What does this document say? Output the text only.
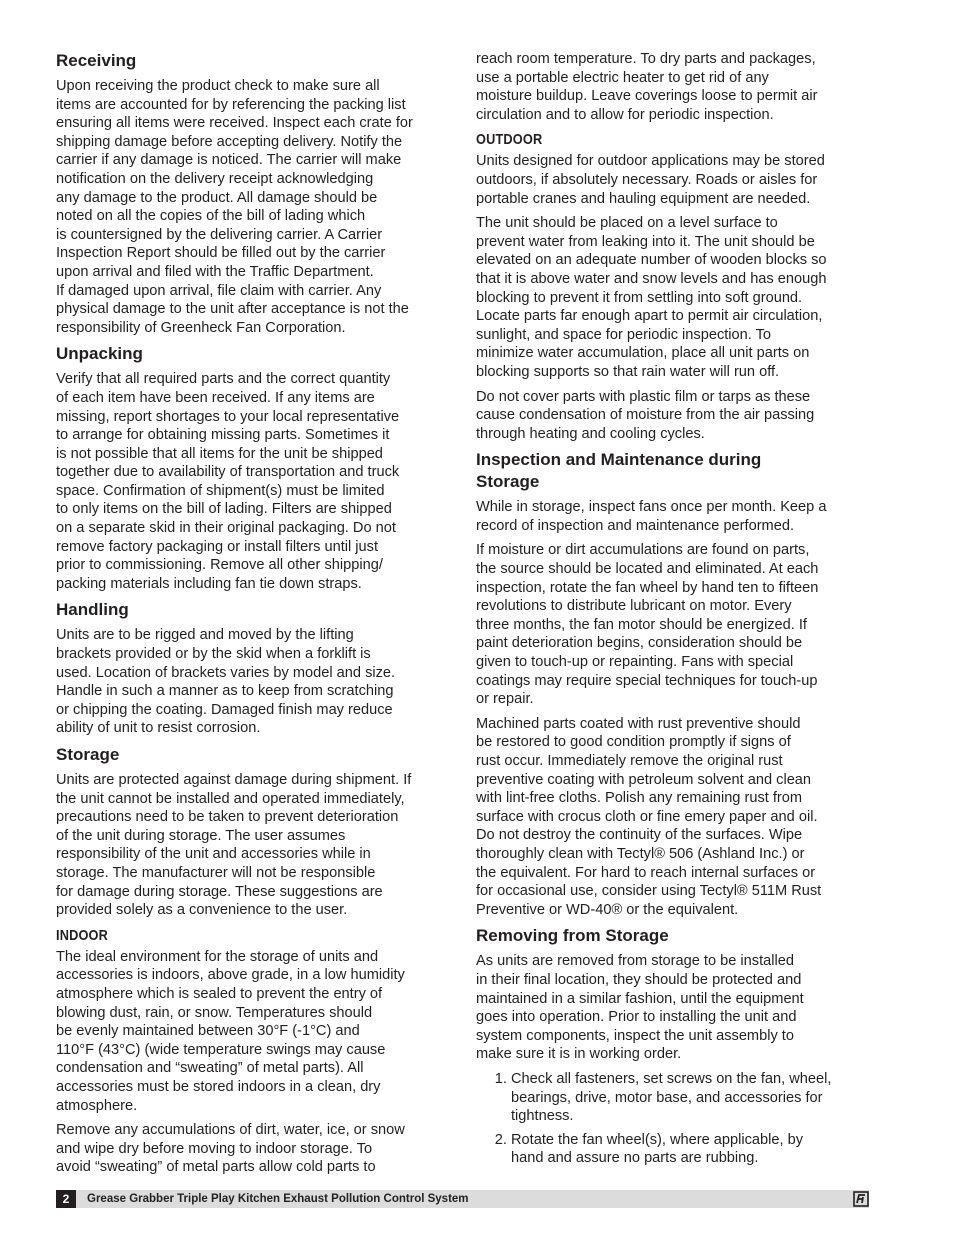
Receiving

Upon receiving the product check to make sure all
items are accounted for by referencing the packing list
ensuring all items were received. Inspect each crate for
shipping damage before accepting delivery. Notify the
carrier if any damage is noticed. The carrier will make
notification on the delivery receipt acknowledging
any damage to the product. All damage should be
noted on all the copies of the bill of lading which
is countersigned by the delivering carrier. A Carrier
Inspection Report should be filled out by the carrier
upon arrival and filed with the Traffic Department.
If damaged upon arrival, file claim with carrier. Any
physical damage to the unit after acceptance is not the
responsibility of Greenheck Fan Corporation.

Unpacking

Verify that all required parts and the correct quantity
of each item have been received. If any items are
missing, report shortages to your local representative
to arrange for obtaining missing parts. Sometimes it
is not possible that all items for the unit be shipped
together due to availability of transportation and truck
space. Confirmation of shipment(s) must be limited
to only items on the bill of lading. Filters are shipped
on a separate skid in their original packaging. Do not
remove factory packaging or install filters until just
prior to commissioning. Remove all other shipping/
packing materials including fan tie down straps.

Handling

Units are to be rigged and moved by the lifting
brackets provided or by the skid when a forklift is
used. Location of brackets varies by model and size.
Handle in such a manner as to keep from scratching
or chipping the coating. Damaged finish may reduce
ability of unit to resist corrosion.

Storage

Units are protected against damage during shipment. If
the unit cannot be installed and operated immediately,
precautions need to be taken to prevent deterioration
of the unit during storage. The user assumes
responsibility of the unit and accessories while in
storage. The manufacturer will not be responsible
for damage during storage. These suggestions are
provided solely as a convenience to the user.

INDOOR

The ideal environment for the storage of units and
accessories is indoors, above grade, in a low humidity
atmosphere which is sealed to prevent the entry of
blowing dust, rain, or snow. Temperatures should
be evenly maintained between 30°F (-1°C) and
110°F (43°C) (wide temperature swings may cause
condensation and “sweating” of metal parts). All
accessories must be stored indoors in a clean, dry
atmosphere.

Remove any accumulations of dirt, water, ice, or snow
and wipe dry before moving to indoor storage. To
avoid “sweating” of metal parts allow cold parts to

reach room temperature. To dry parts and packages,
use a portable electric heater to get rid of any
moisture buildup. Leave coverings loose to permit air
circulation and to allow for periodic inspection.

OUTDOOR

Units designed for outdoor applications may be stored
outdoors, if absolutely necessary. Roads or aisles for
portable cranes and hauling equipment are needed.

The unit should be placed on a level surface to
prevent water from leaking into it. The unit should be
elevated on an adequate number of wooden blocks so
that it is above water and snow levels and has enough
blocking to prevent it from settling into soft ground.
Locate parts far enough apart to permit air circulation,
sunlight, and space for periodic inspection. To
minimize water accumulation, place all unit parts on
blocking supports so that rain water will run off.

Do not cover parts with plastic film or tarps as these
cause condensation of moisture from the air passing
through heating and cooling cycles.

Inspection and Maintenance during
Storage

While in storage, inspect fans once per month. Keep a
record of inspection and maintenance performed.

If moisture or dirt accumulations are found on parts,
the source should be located and eliminated. At each
inspection, rotate the fan wheel by hand ten to fifteen
revolutions to distribute lubricant on motor. Every
three months, the fan motor should be energized. If
paint deterioration begins, consideration should be
given to touch-up or repainting. Fans with special
coatings may require special techniques for touch-up
or repair.

Machined parts coated with rust preventive should
be restored to good condition promptly if signs of
rust occur. Immediately remove the original rust
preventive coating with petroleum solvent and clean
with lint-free cloths. Polish any remaining rust from
surface with crocus cloth or fine emery paper and oil.
Do not destroy the continuity of the surfaces. Wipe
thoroughly clean with Tectyl® 506 (Ashland Inc.) or
the equivalent. For hard to reach internal surfaces or
for occasional use, consider using Tectyl® 511M Rust
Preventive or WD-40® or the equivalent.

Removing from Storage

As units are removed from storage to be installed
in their final location, they should be protected and
maintained in a similar fashion, until the equipment
goes into operation. Prior to installing the unit and
system components, inspect the unit assembly to
make sure it is in working order.

1. Check all fasteners, set screws on the fan, wheel,
bearings, drive, motor base, and accessories for
tightness.
2. Rotate the fan wheel(s), where applicable, by
hand and assure no parts are rubbing.
2	Grease Grabber Triple Play Kitchen Exhaust Pollution Control System
